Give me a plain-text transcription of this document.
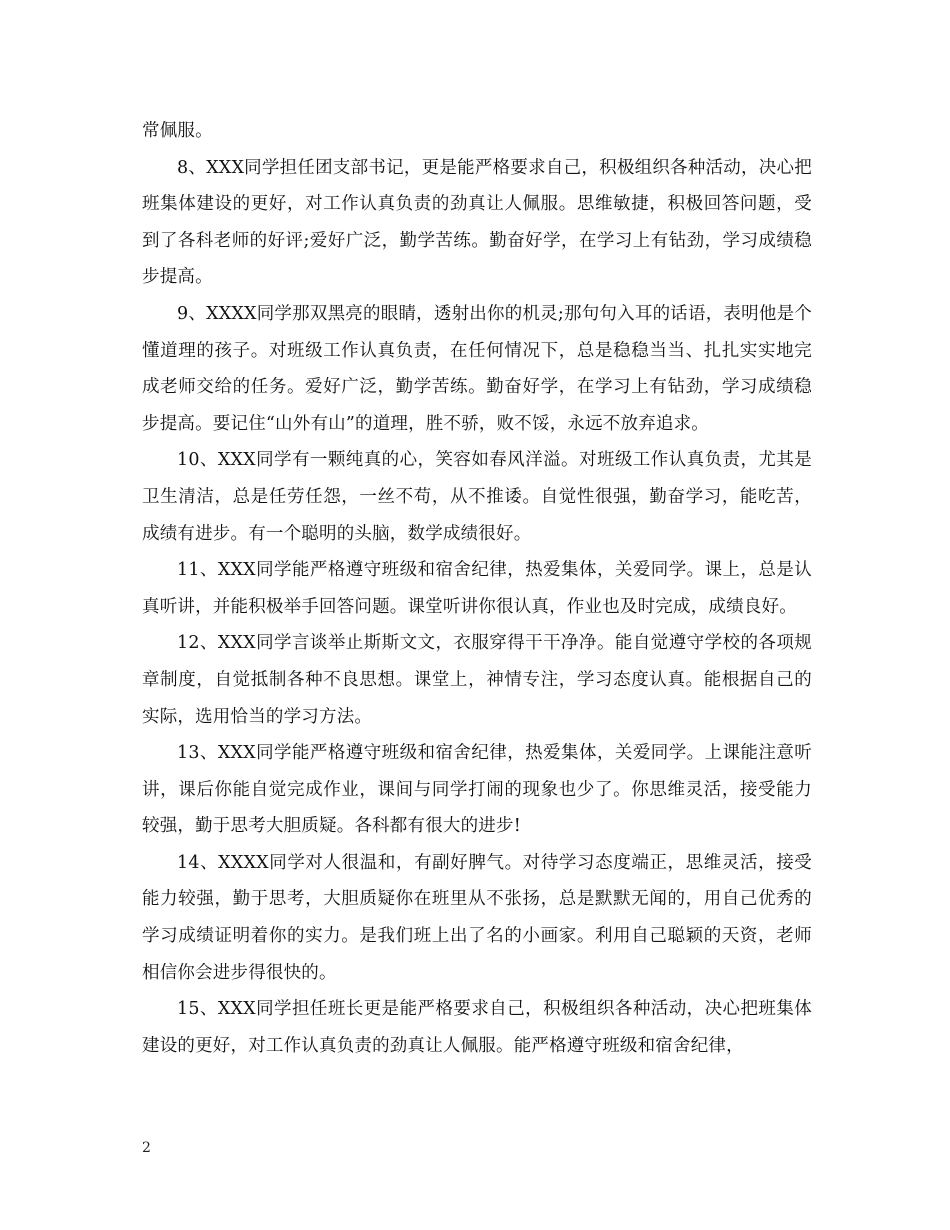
常佩服。

8、XXX同学担任团支部书记，更是能严格要求自己，积极组织各种活动，决心把班集体建设的更好，对工作认真负责的劲真让人佩服。思维敏捷，积极回答问题，受到了各科老师的好评;爱好广泛，勤学苦练。勤奋好学，在学习上有钻劲，学习成绩稳步提高。

9、XXXX同学那双黑亮的眼睛，透射出你的机灵;那句句入耳的话语，表明他是个懂道理的孩子。对班级工作认真负责，在任何情况下，总是稳稳当当、扎扎实实地完成老师交给的任务。爱好广泛，勤学苦练。勤奋好学，在学习上有钻劲，学习成绩稳步提高。要记住“山外有山”的道理，胜不骄，败不馁，永远不放弃追求。

10、XXX同学有一颗纯真的心，笑容如春风洋溢。对班级工作认真负责，尤其是卫生清洁，总是任劳任怨，一丝不苟，从不推诿。自觉性很强，勤奋学习，能吃苦，成绩有进步。有一个聪明的头脑，数学成绩很好。

11、XXX同学能严格遵守班级和宿舍纪律，热爱集体，关爱同学。课上，总是认真听讲，并能积极举手回答问题。课堂听讲你很认真，作业也及时完成，成绩良好。

12、XXX同学言谈举止斯斯文文，衣服穿得干干净净。能自觉遵守学校的各项规章制度，自觉抵制各种不良思想。课堂上，神情专注，学习态度认真。能根据自己的实际，选用恰当的学习方法。

13、XXX同学能严格遵守班级和宿舍纪律，热爱集体，关爱同学。上课能注意听讲，课后你能自觉完成作业，课间与同学打闹的现象也少了。你思维灵活，接受能力较强，勤于思考大胆质疑。各科都有很大的进步!

14、XXXX同学对人很温和，有副好脾气。对待学习态度端正，思维灵活，接受能力较强，勤于思考，大胆质疑你在班里从不张扬，总是默默无闻的，用自己优秀的学习成绩证明着你的实力。是我们班上出了名的小画家。利用自己聪颖的天资，老师相信你会进步得很快的。

15、XXX同学担任班长更是能严格要求自己，积极组织各种活动，决心把班集体建设的更好，对工作认真负责的劲真让人佩服。能严格遵守班级和宿舍纪律，

2
